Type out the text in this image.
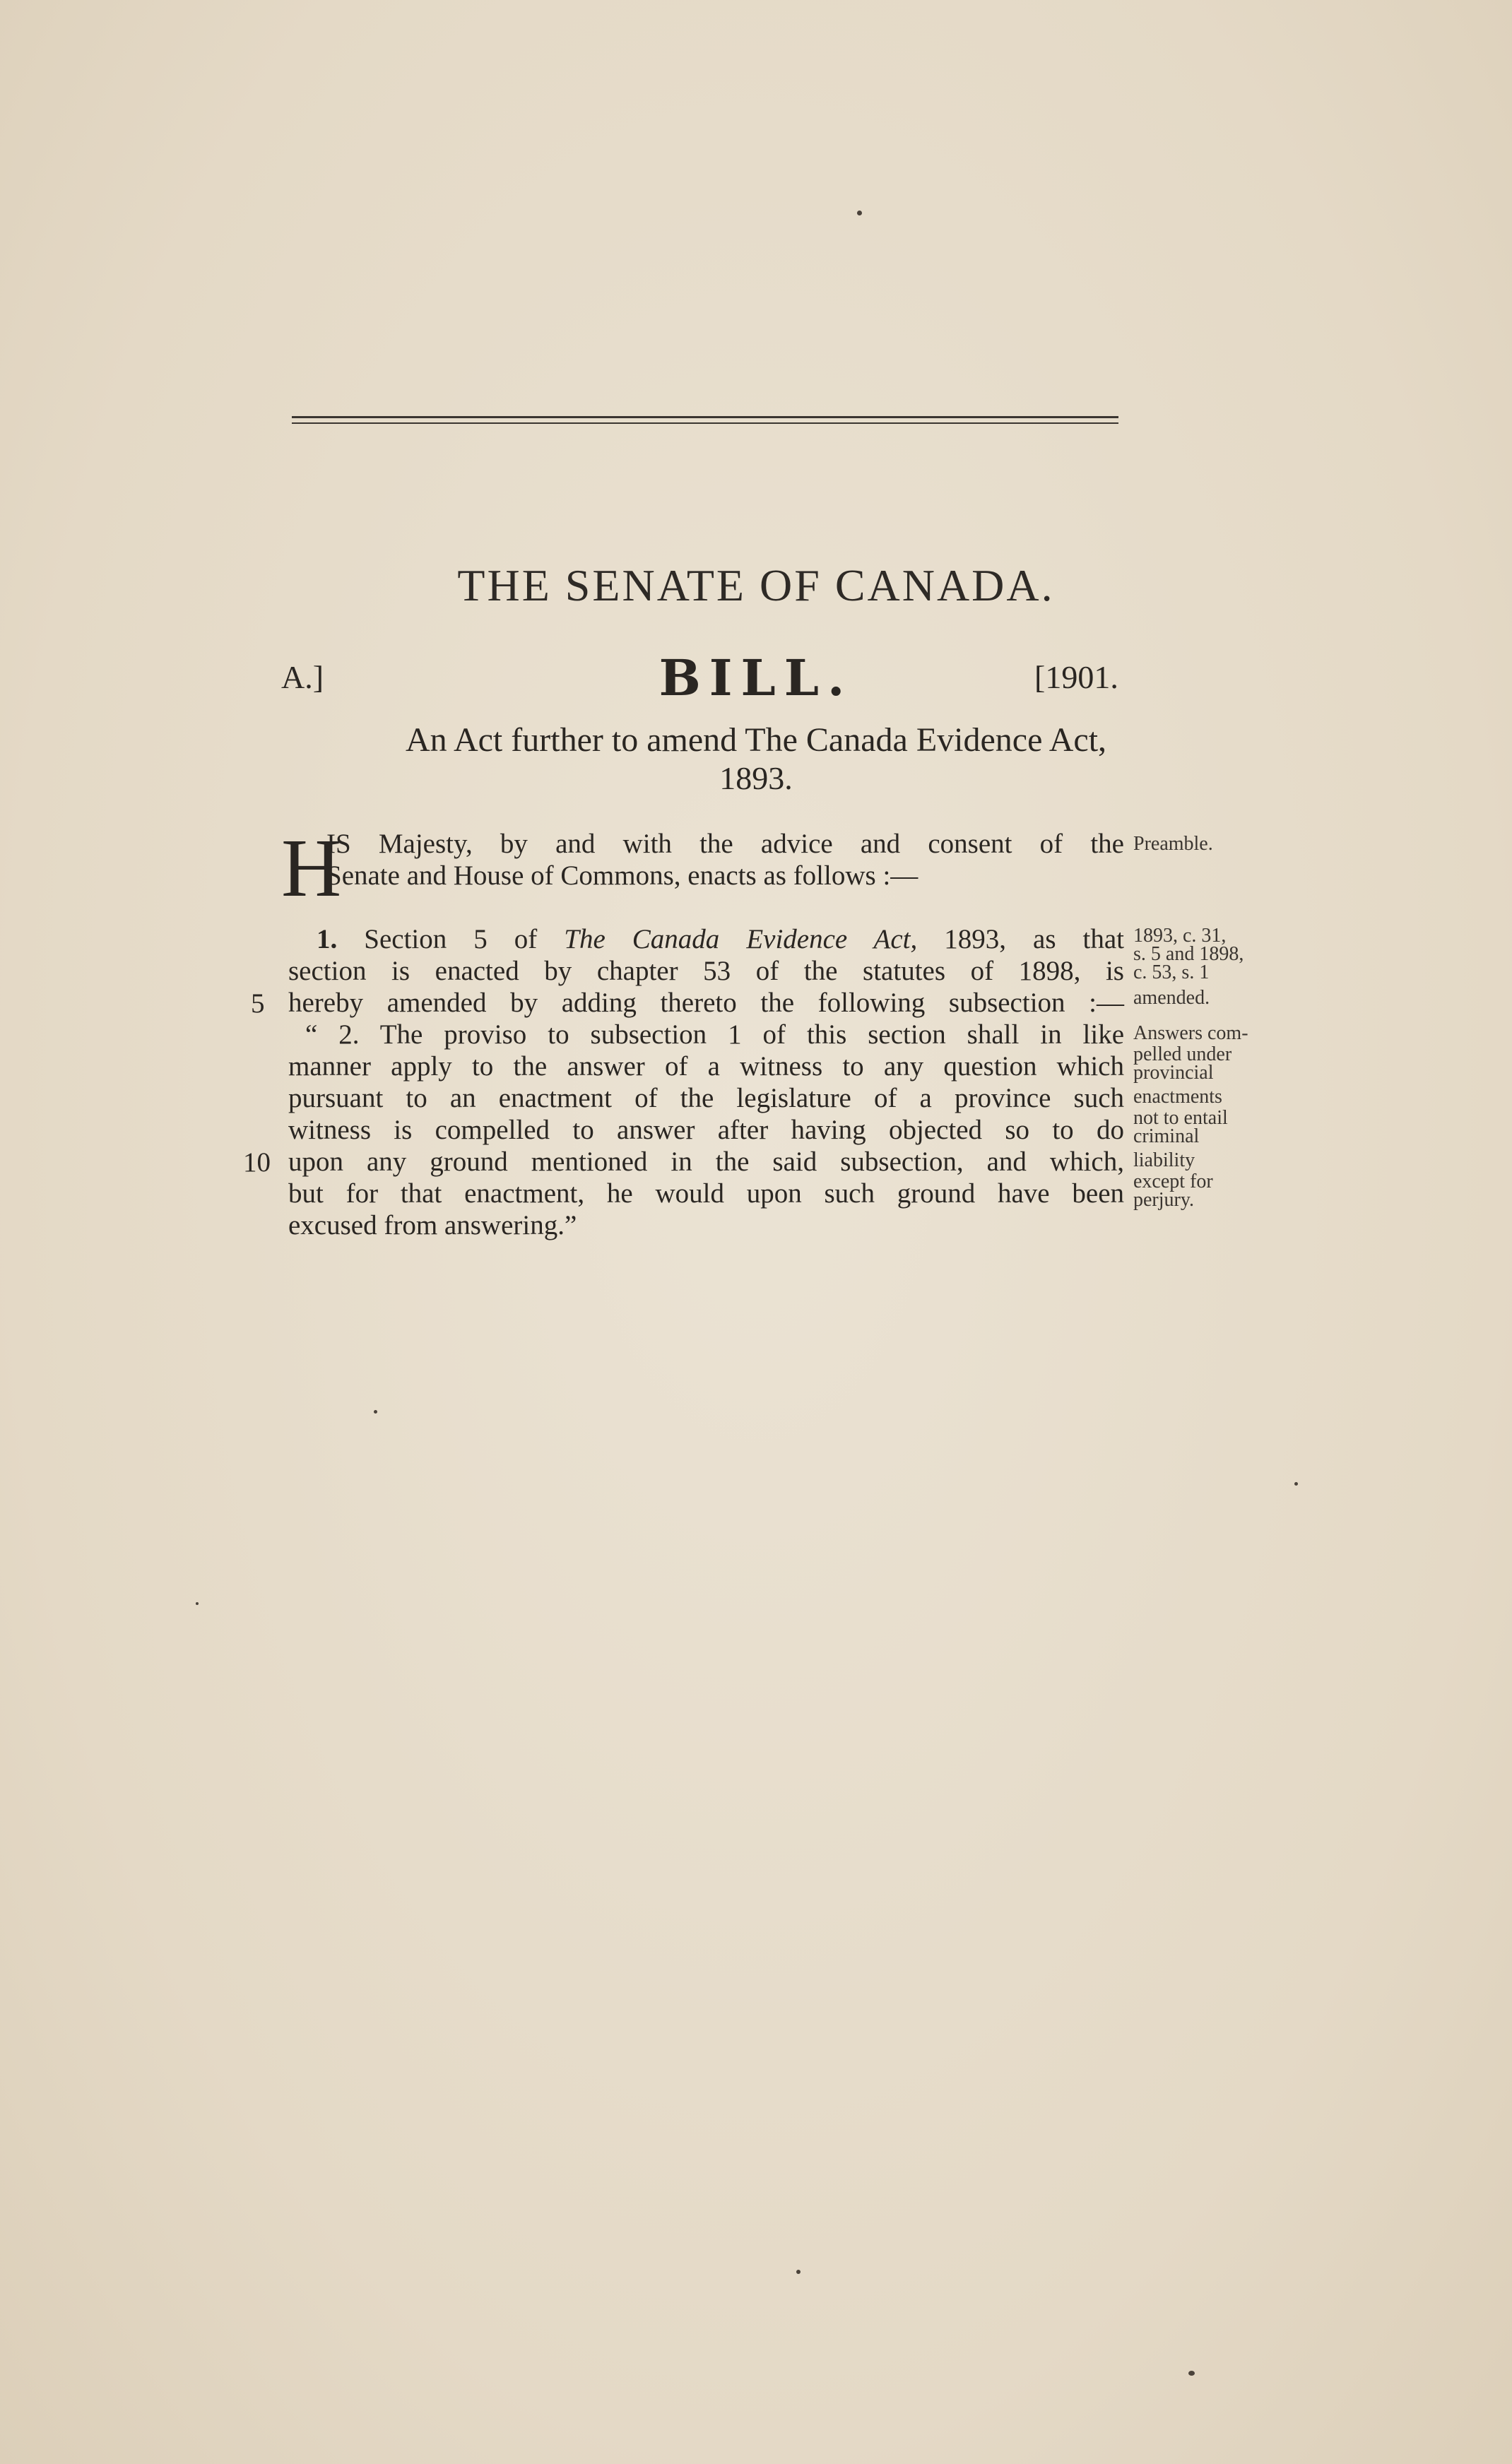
THE SENATE OF CANADA.
A.]	BILL.	[1901.
An Act further to amend The Canada Evidence Act,
1893.
H
IS Majesty, by and with the advice and consent of the
Senate and House of Commons, enacts as follows :—
Preamble.
1. Section 5 of The Canada Evidence Act, 1893, as that
section is enacted by chapter 53 of the statutes of 1898, is
5 hereby amended by adding thereto the following subsection :—
“ 2. The proviso to subsection 1 of this section shall in like
manner apply to the answer of a witness to any question which
pursuant to an enactment of the legislature of a province such
witness is compelled to answer after having objected so to do
10 upon any ground mentioned in the said subsection, and which,
but for that enactment, he would upon such ground have been
excused from answering.”
1893, c. 31,
s. 5 and 1898,
c. 53, s. 1
amended.
Answers com-
pelled under
provincial
enactments
not to entail
criminal
liability
except for
perjury.
